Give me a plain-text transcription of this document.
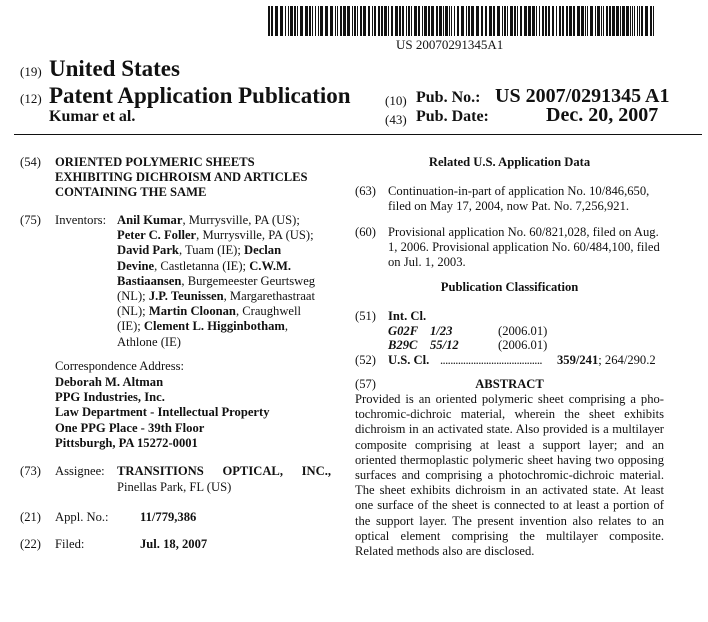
US 20070291345A1
(19) United States
(12) Patent Application Publication
Kumar et al.
(10) Pub. No.: US 2007/0291345 A1
(43) Pub. Date:	Dec. 20, 2007
(54) ORIENTED POLYMERIC SHEETS
EXHIBITING DICHROISM AND ARTICLES
CONTAINING THE SAME
(75) Inventors: Anil Kumar, Murrysville, PA (US);
Peter C. Foller, Murrysville, PA (US);
David Park, Tuam (IE); Declan
Devine, Castletanna (IE); C.W.M.
Bastiaansen, Burgemeester Geurtsweg
(NL); J.P. Teunissen, Margarethastraat
(NL); Martin Cloonan, Craughwell
(IE); Clement L. Higginbotham,
Athlone (IE)
Correspondence Address:
Deborah M. Altman
PPG Industries, Inc.
Law Department - Intellectual Property
One PPG Place - 39th Floor
Pittsburgh, PA 15272-0001
(73) Assignee: TRANSITIONS OPTICAL, INC.,
Pinellas Park, FL (US)
(21) Appl. No.: 11/779,386
(22) Filed:	Jul. 18, 2007
Related U.S. Application Data
(63) Continuation-in-part of application No. 10/846,650,
filed on May 17, 2004, now Pat. No. 7,256,921.
(60) Provisional application No. 60/821,028, filed on Aug.
1, 2006. Provisional application No. 60/484,100, filed
on Jul. 1, 2003.
Publication Classification
(51) Int. Cl.
G02F 1/23	(2006.01)
B29C 55/12	(2006.01)
(52) U.S. Cl. ........................................ 359/241; 264/290.2
(57)	ABSTRACT
Provided is an oriented polymeric sheet comprising a pho-
tochromic-dichroic material, wherein the sheet exhibits
dichroism in an activated state. Also provided is a multilayer
composite comprising at least a support layer; and an
oriented thermoplastic polymeric sheet having two opposing
surfaces and comprising a photochromic-dichroic material.
The sheet exhibits dichroism in an activated state. At least
one surface of the sheet is connected to at least a portion of
the support layer. The present invention also relates to an
optical element comprising the multilayer composite.
Related methods also are disclosed.
